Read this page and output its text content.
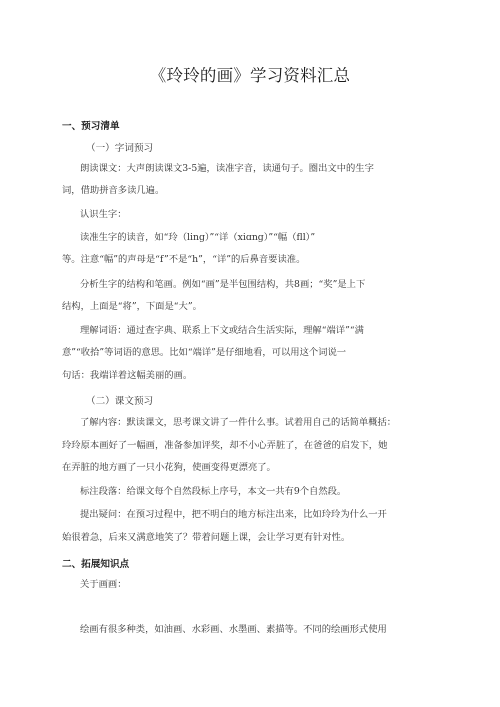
《玲玲的画》学习资料汇总
一、预习清单
（一）字词预习
朗读课文：大声朗读课文3-5遍，读准字音，读通句子。圈出文中的生字
词，借助拼音多读几遍。
认识生字：
读准生字的读音，如“玲（ling）”“详（xiɑng）”“幅（fll）”
等。注意“幅”的声母是“f”不是“h”，“详”的后鼻音要读准。
分析生字的结构和笔画。例如“画”是半包围结构，共8画；“奖”是上下
结构，上面是“将”，下面是“大”。
理解词语：通过查字典、联系上下文或结合生活实际，理解“端详”“满
意”“收拾”等词语的意思。比如“端详”是仔细地看，可以用这个词说一
句话：我端详着这幅美丽的画。
（二）课文预习
了解内容：默读课文，思考课文讲了一件什么事。试着用自己的话简单概括：
玲玲原本画好了一幅画，准备参加评奖，却不小心弄脏了，在爸爸的启发下，她
在弄脏的地方画了一只小花狗，使画变得更漂亮了。
标注段落：给课文每个自然段标上序号，本文一共有9个自然段。
提出疑问：在预习过程中，把不明白的地方标注出来，比如玲玲为什么一开
始很着急，后来又满意地笑了？带着问题上课，会让学习更有针对性。
二、拓展知识点
关于画画：
绘画有很多种类，如油画、水彩画、水墨画、素描等。不同的绘画形式使用
